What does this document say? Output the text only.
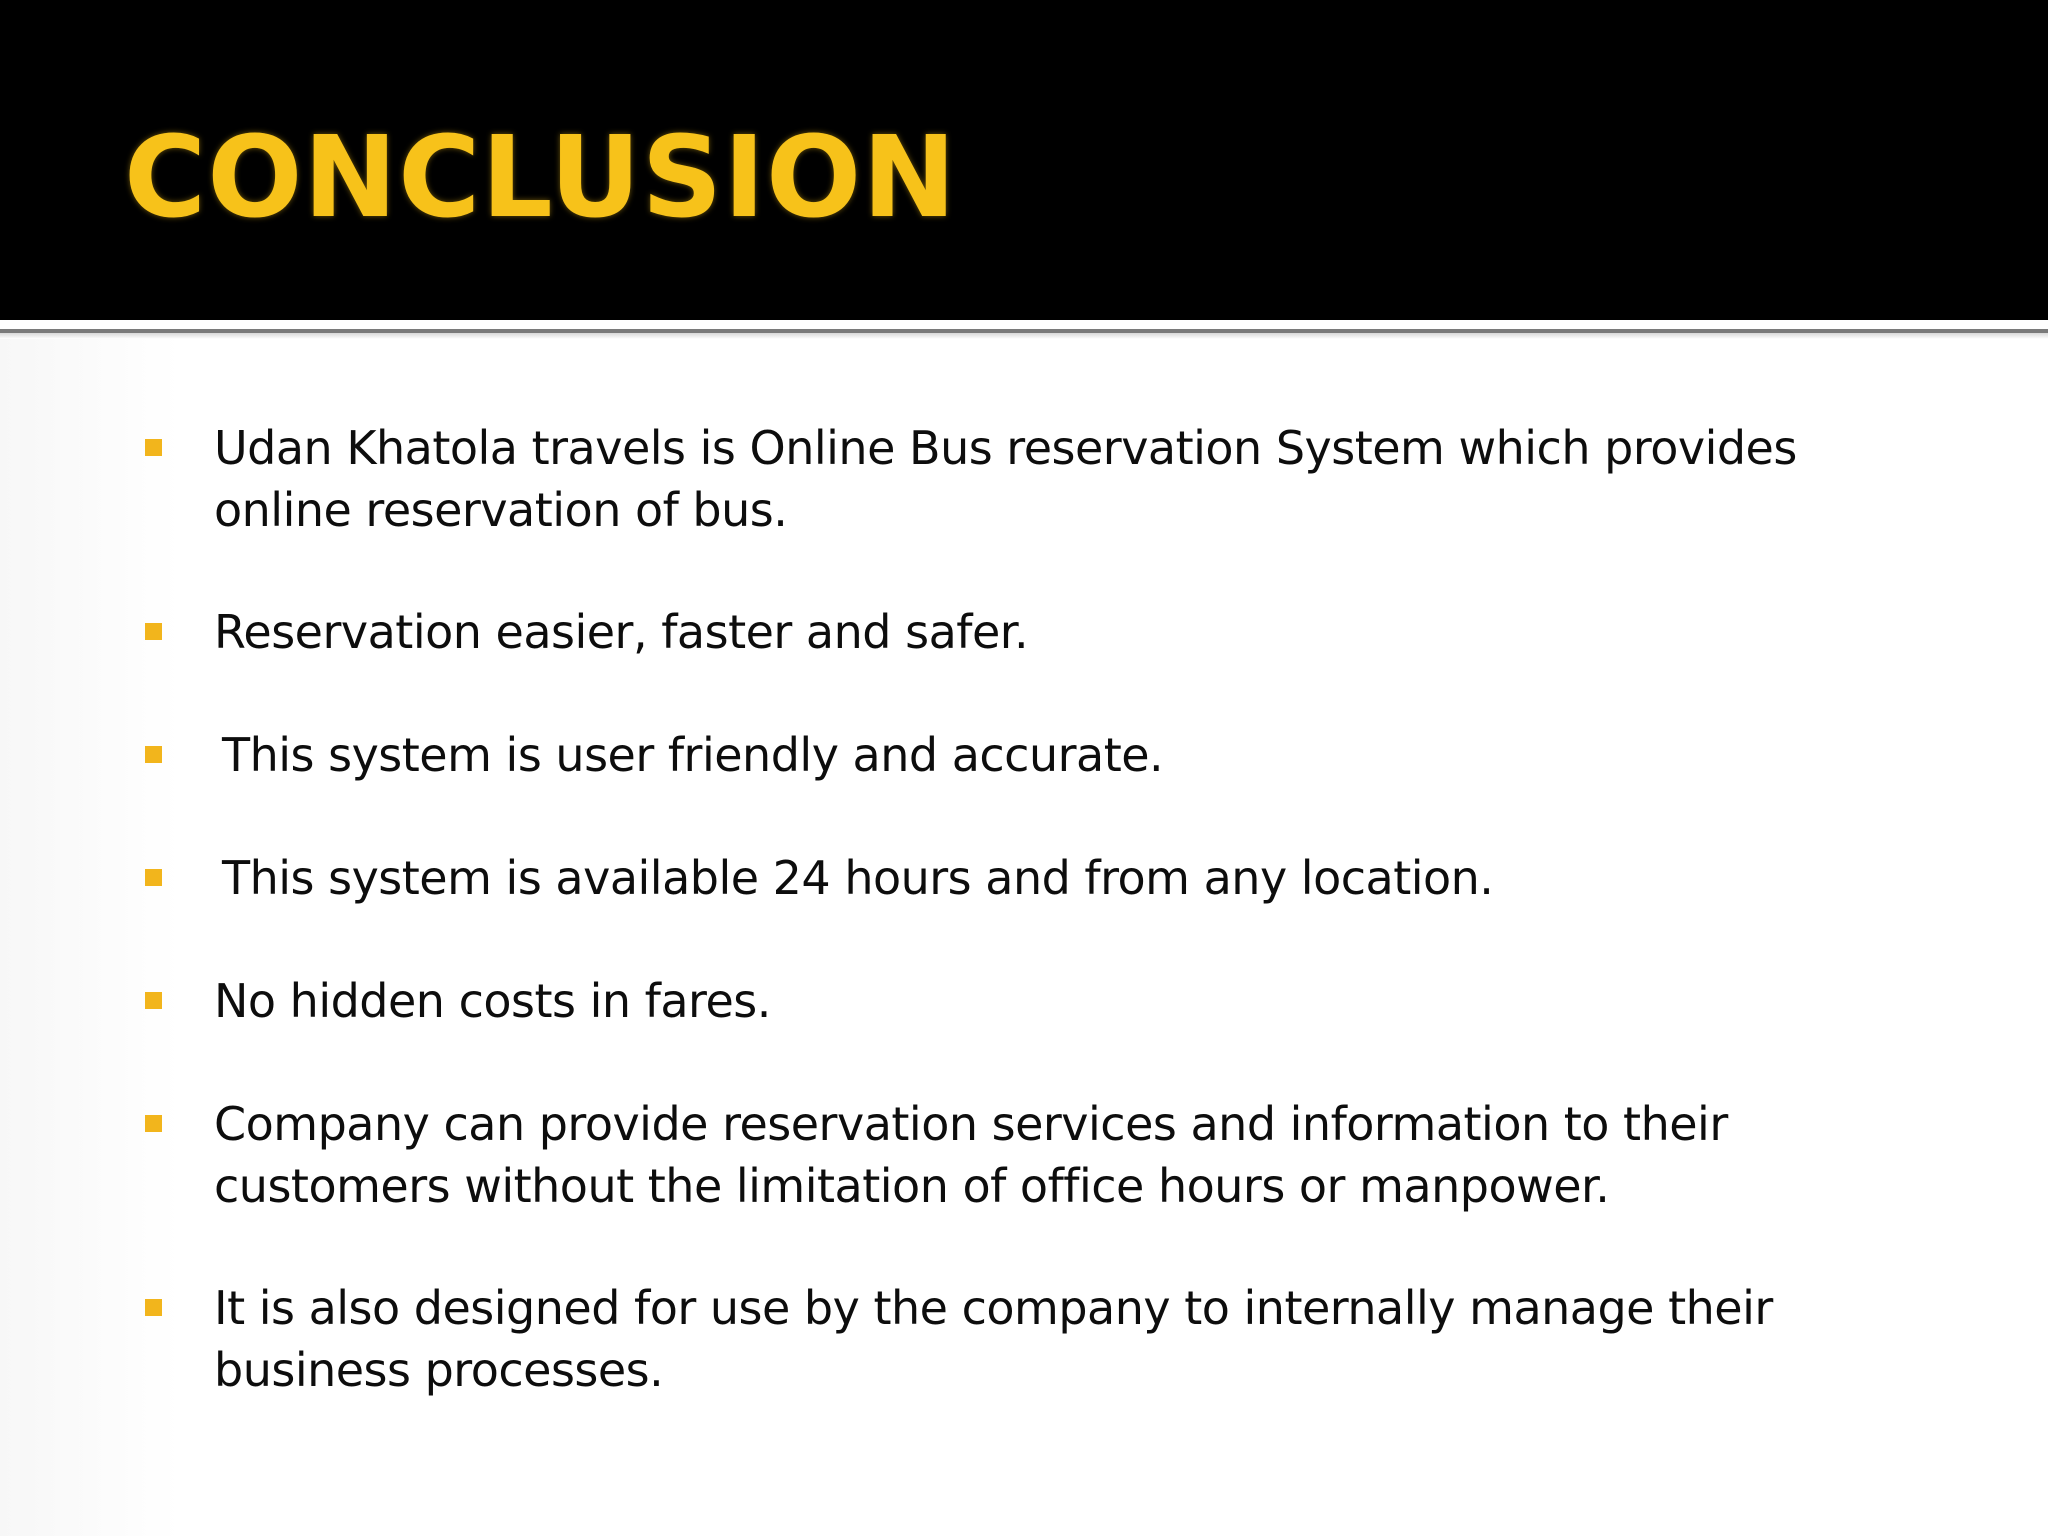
CONCLUSION
Udan Khatola travels is Online Bus reservation System which provides online reservation of bus.
Reservation easier, faster and safer.
This system is user friendly and accurate.
This system is available 24 hours and from any location.
No hidden costs in fares.
Company can provide reservation services and information to their customers without the limitation of office hours or manpower.
It is also designed for use by the company to internally manage their business processes.
